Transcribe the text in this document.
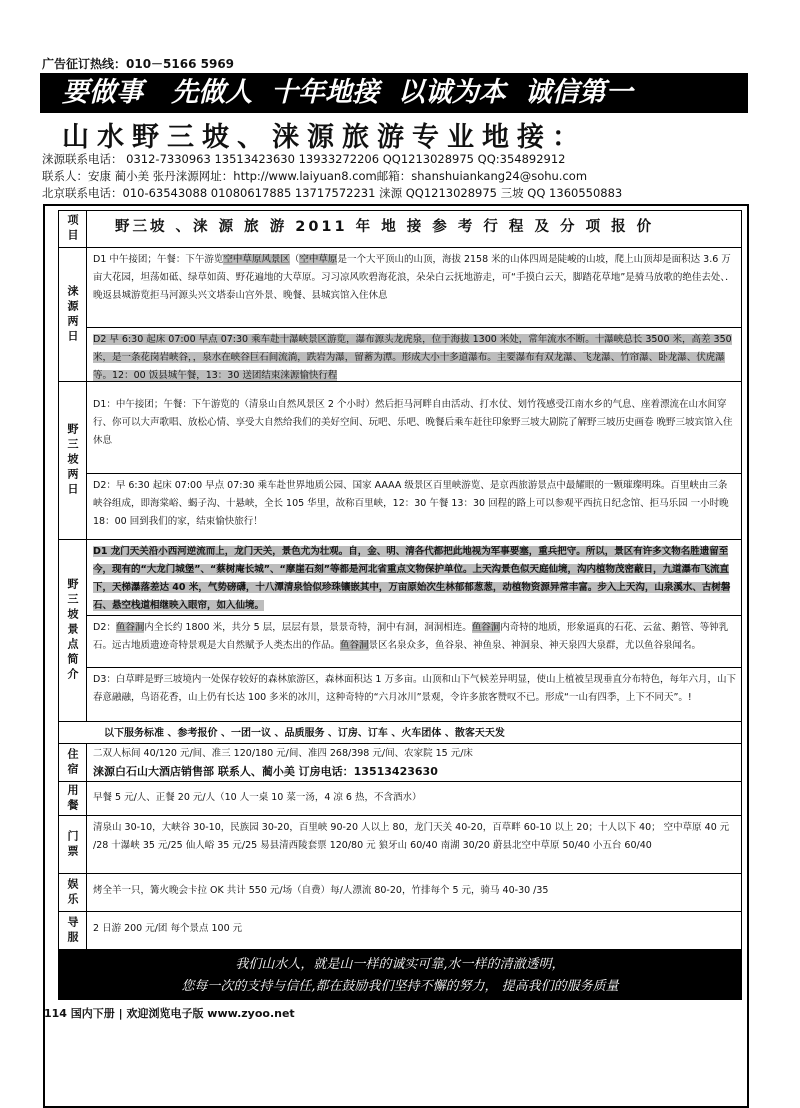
广告征订热线：010－5166 5969
要做事   先做人  十年地接  以诚为本  诚信第一
山水野三坡、涞源旅游专业地接：
涞源联系电话： 0312-7330963 13513423630 13933272206 QQ1213028975 QQ:354892912
联系人：安康 蔺小美 张丹涞源网址：http://www.laiyuan8.com邮箱：shanshuiankang24@sohu.com
北京联系电话：010-63543088 01080617885 13717572231 涞源 QQ1213028975 三坡 QQ 1360550883
项目
涞源两日
野三坡两日
野三坡景点简介
住宿
用餐
门票
娱乐
导服
野三坡 、涞 源 旅 游 2011 年 地 接 参 考 行 程 及 分 项 报 价
D1 中午接团；午餐：下午游览空中草原风景区（空中草原是一个大平顶山的山顶，海拔 2158 米的山体四周是陡峻的山坡，爬上山顶却是面积达 3.6 万亩大花园，坦荡如砥、绿草如茵、野花遍地的大草原。习习凉风吹碧海花浪，朵朵白云抚地游走，可“手摸白云天，脚踏花草地”是骑马放歌的绝佳去处、．晚返县城游览拒马河源头兴文塔泰山宫外景、晚餐、县城宾馆入住休息
D2 早 6:30 起床 07:00 早点 07:30 乘车赴十瀑峡景区游览，瀑布源头龙虎泉，位于海拔 1300 米处，常年流水不断。十瀑峡总长 3500 米，高差 350 米，是一条花岗岩峡谷，，泉水在峡谷巨石间流淌，跌岩为瀑，留蓄为潭。形成大小十多道瀑布。主要瀑布有双龙瀑、飞龙瀑、竹帘瀑、卧龙瀑、伏虎瀑等。12：00 饭县城午餐，13：30 送团结束涞源愉快行程
D1：中午接团；午餐：下午游览的（清泉山自然风景区 2 个小时）然后拒马河畔自由活动、打水仗、划竹筏感受江南水乡的气息、座着漂流在山水间穿行、你可以大声歌唱、放松心情、享受大自然给我们的美好空间、玩吧、乐吧、晚餐后乘车赶往印象野三坡大剧院了解野三坡历史画卷 晚野三坡宾馆入住休息
D2：早 6:30 起床 07:00 早点 07:30 乘车赴世界地质公园、国家 AAAA 级景区百里峡游览、是京西旅游景点中最耀眼的一颗璀璨明珠。百里峡由三条峡谷组成，即海棠峪、蝎子沟、十悬峡，全长 105 华里，故称百里峡，12：30 午餐 13：30 回程的路上可以参观平西抗日纪念馆、拒马乐园 一小时晚 18：00 回到我们的家，结束愉快旅行！
D1 龙门天关沿小西河逆流而上，龙门天关，景色尤为壮观。自，金、明、清各代都把此地视为军事要塞，重兵把守。所以，景区有许多文物名胜遗留至今，现有的“大龙门城堡”、“蔡树庵长城”、“摩崖石刻”等都是河北省重点文物保护单位。上天沟景色似天庭仙境，沟内植物茂密蔽日，九道瀑布飞流直下，天梯瀑落差达 40 米，气势磅礴，十八潭清泉恰似珍珠镶嵌其中，万亩原始次生林郁郁葱葱，动植物资源异常丰富。步入上天沟，山泉溪水、古树磐石、悬空栈道相继映入眼帘，如入仙境。
D2：鱼谷洞内全长约 1800 米，共分 5 层，层层有景，景景奇特，洞中有洞，洞洞相连。鱼谷洞内奇特的地质，形象逼真的石花、云盆、鹅管、等钟乳石。远古地质遗迹奇特景观是大自然赋予人类杰出的作品。鱼谷洞景区名泉众多，鱼谷泉、神鱼泉、神洞泉、神天泉四大泉群，尤以鱼谷泉闻名。
D3：白草畔是野三坡境内一处保存较好的森林旅游区，森林面积达 1 万多亩。山顶和山下气候差异明显，使山上植被呈现垂直分布特色，每年六月，山下春意融融，鸟语花香，山上仍有长达 100 多米的冰川，这种奇特的“六月冰川”景观，令许多旅客赞叹不已。形成“一山有四季，上下不同天”。!
以下服务标准 、参考报价 、一团一议 、品质服务 、订房、订车 、火车团体 、散客天天发
二双人标间 40/120 元/间、准三 120/180 元/间、准四 268/398 元/间、农家院 15 元/床
涞源白石山大酒店销售部 联系人、蔺小美 订房电话：13513423630
早餐 5 元/人、正餐 20 元/人（10 人一桌 10 菜一汤，4 凉 6 热，不含酒水）
清泉山 30-10，大峡谷 30-10，民族园 30-20，百里峡 90-20 人以上 80，龙门天关 40-20，百草畔 60-10 以上 20；十人以下 40； 空中草原 40 元 /28 十瀑峡 35 元/25 仙人峪 35 元/25 易县清西陵套票 120/80 元 狼牙山 60/40 南湖 30/20 蔚县北空中草原 50/40 小五台 60/40
烤全羊一只，篝火晚会卡拉 OK 共计 550 元/场（自费）每/人漂流 80-20，竹排每个 5 元，骑马 40-30 /35
2 日游 200 元/团 每个景点 100 元
我们山水人，就是山一样的诚实可靠,水一样的清澈透明，
您每一次的支持与信任,都在鼓励我们坚持不懈的努力， 提高我们的服务质量
114 国内下册 | 欢迎浏览电子版 www.zyoo.net
